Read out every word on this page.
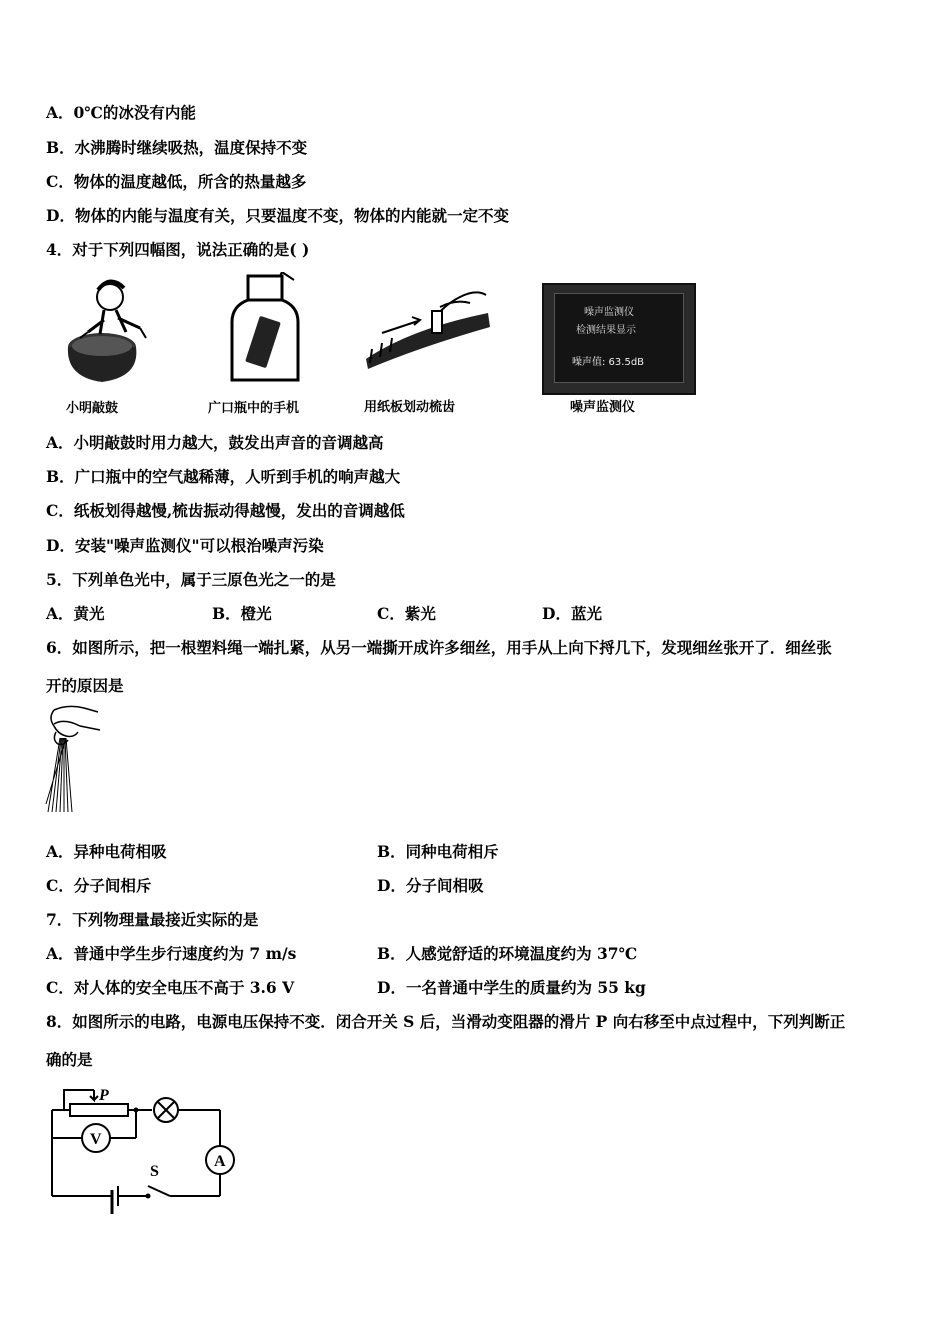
A．0℃的冰没有内能
B．水沸腾时继续吸热，温度保持不变
C．物体的温度越低，所含的热量越多
D．物体的内能与温度有关，只要温度不变，物体的内能就一定不变
4．对于下列四幅图，说法正确的是( )
小明敲鼓	广口瓶中的手机	用纸板划动梳齿
噪声监测仪
检测结果显示
噪声值: 63.5dB
噪声监测仪
A．小明敲鼓时用力越大，鼓发出声音的音调越高
B．广口瓶中的空气越稀薄，人听到手机的响声越大
C．纸板划得越慢,梳齿振动得越慢，发出的音调越低
D．安装"噪声监测仪"可以根治噪声污染
5．下列单色光中，属于三原色光之一的是
A．黄光	B．橙光	C．紫光	D．蓝光
6．如图所示，把一根塑料绳一端扎紧，从另一端撕开成许多细丝，用手从上向下捋几下，发现细丝张开了．细丝张
开的原因是
A．异种电荷相吸	B．同种电荷相斥
C．分子间相斥	D．分子间相吸
7．下列物理量最接近实际的是
A．普通中学生步行速度约为 7 m/s	B．人感觉舒适的环境温度约为 37℃
C．对人体的安全电压不高于 3.6 V	D．一名普通中学生的质量约为 55 kg
8．如图所示的电路，电源电压保持不变．闭合开关 S 后，当滑动变阻器的滑片 P 向右移至中点过程中，下列判断正
确的是
P
A
S
V
